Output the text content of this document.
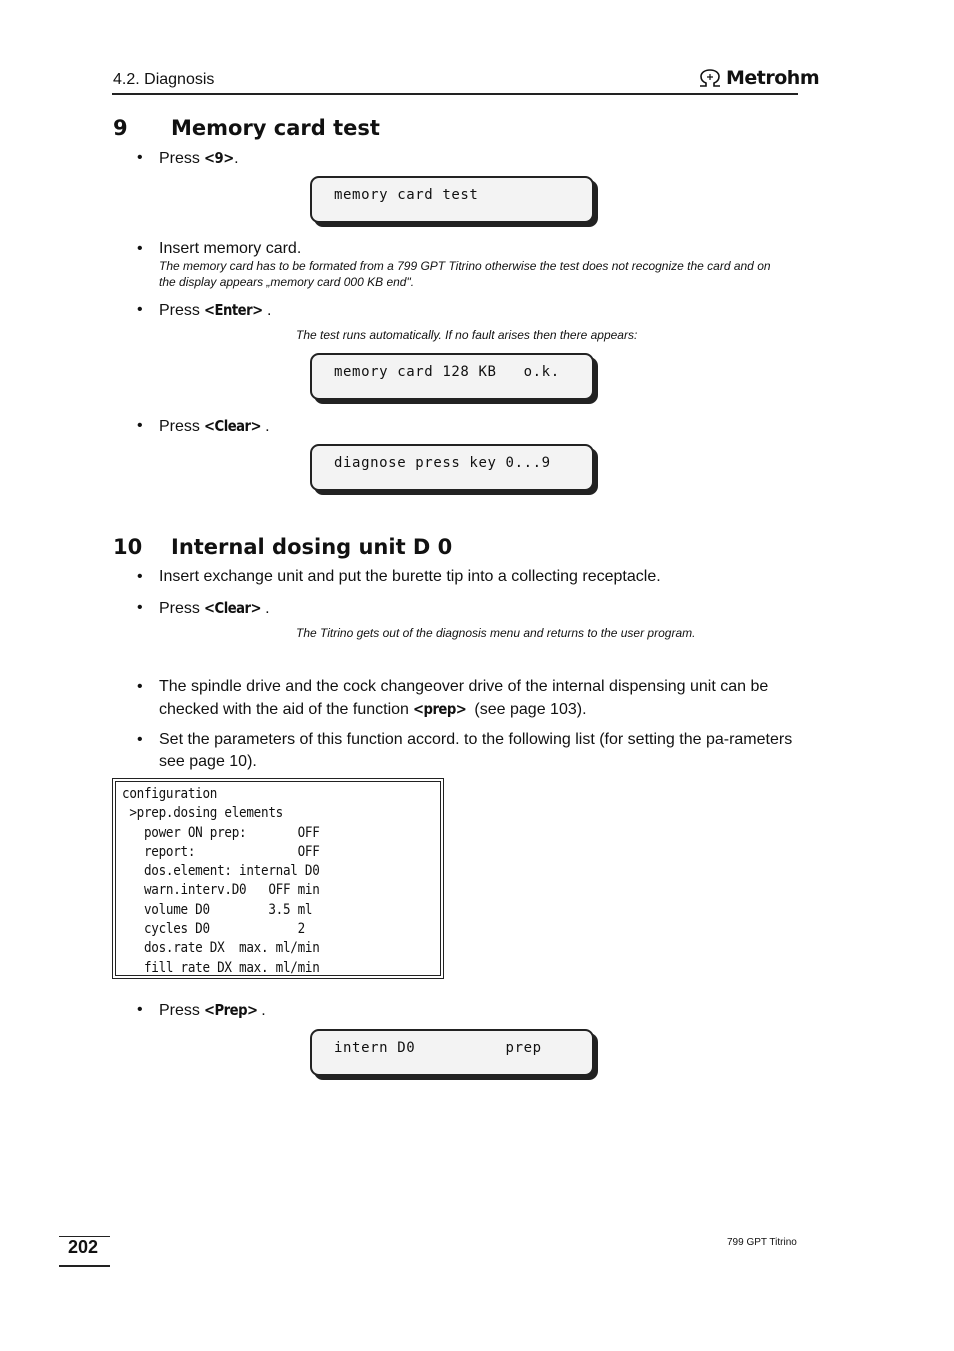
4.2. Diagnosis	Metrohm
9 Memory card test
• Press <9>.
memory card test
• Insert memory card.
The memory card has to be formated from a 799 GPT Titrino otherwise the test does not recognize the card and on
the display appears „memory card 000 KB end".
• Press <Enter> .
The test runs automatically. If no fault arises then there appears:
memory card 128 KB   o.k.
• Press <Clear> .
diagnose press key 0...9
10 Internal dosing unit D 0
• Insert exchange unit and put the burette tip into a collecting receptacle.
• Press <Clear> .
The Titrino gets out of the diagnosis menu and returns to the user program.
• The spindle drive and the cock changeover drive of the internal dispensing unit can be checked with the aid of the function <prep> (see page 103).
• Set the parameters of this function accord. to the following list (for setting the pa-rameters see page 10).
configuration
>prep.dosing elements
power ON prep:       OFF
report:              OFF
dos.element: internal D0
warn.interv.D0   OFF min
volume D0        3.5 ml
cycles D0            2
dos.rate DX  max. ml/min
fill rate DX max. ml/min
• Press <Prep> .
intern D0          prep
202	799 GPT Titrino
